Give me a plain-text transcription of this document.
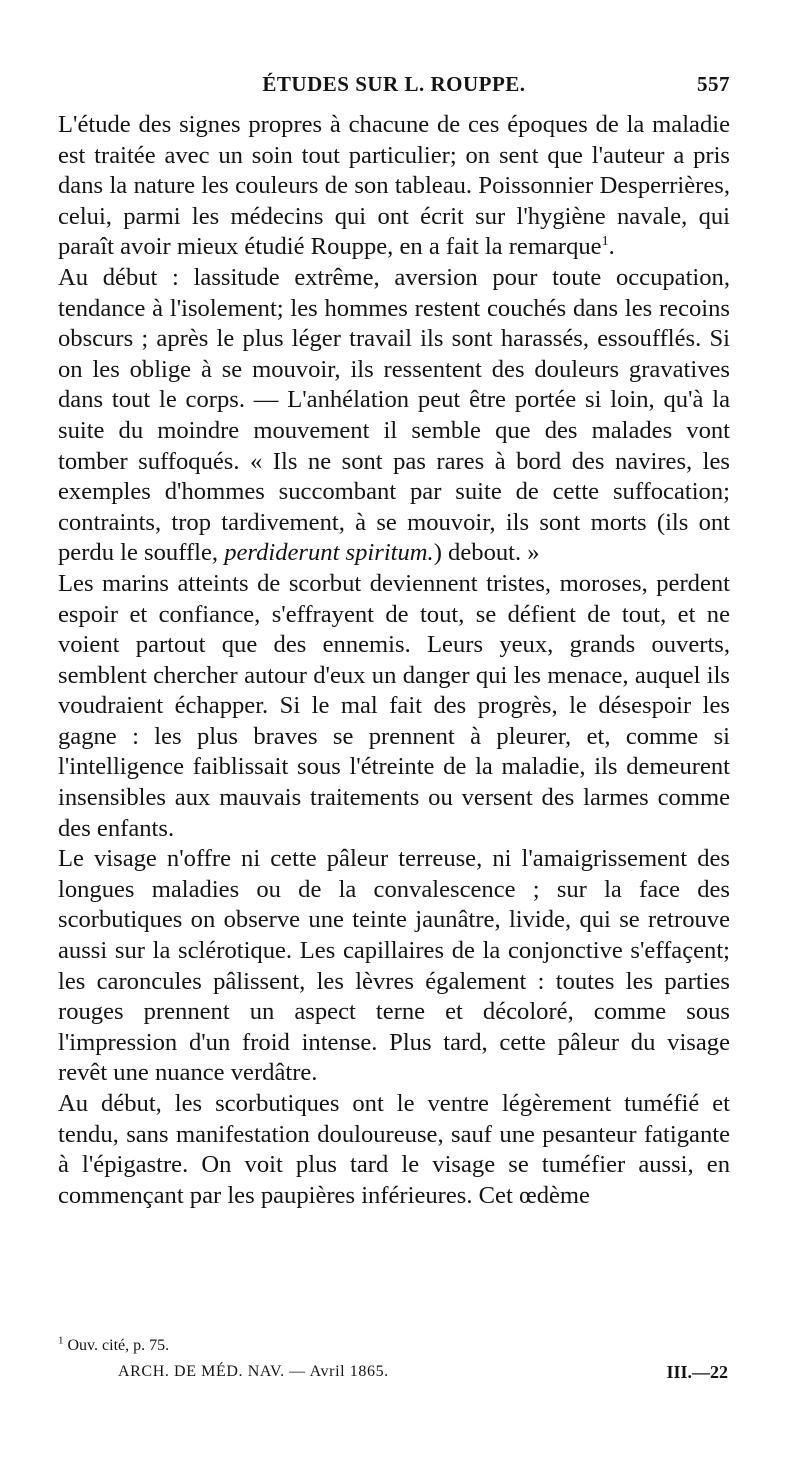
ÉTUDES SUR L. ROUPPE.	557

L'étude des signes propres à chacune de ces époques de la maladie est traitée avec un soin tout particulier; on sent que l'auteur a pris dans la nature les couleurs de son tableau. Poissonnier Desperrières, celui, parmi les médecins qui ont écrit sur l'hygiène navale, qui paraît avoir mieux étudié Rouppe, en a fait la remarque$^1$.

Au début : lassitude extrême, aversion pour toute occupation, tendance à l'isolement; les hommes restent couchés dans les recoins obscurs ; après le plus léger travail ils sont harassés, essoufflés. Si on les oblige à se mouvoir, ils ressentent des douleurs gravatives dans tout le corps. — L'anhélation peut être portée si loin, qu'à la suite du moindre mouvement il semble que des malades vont tomber suffoqués. « Ils ne sont pas rares à bord des navires, les exemples d'hommes succombant par suite de cette suffocation; contraints, trop tardivement, à se mouvoir, ils sont morts (ils ont perdu le souffle, perdiderunt spiritum.) debout. »

Les marins atteints de scorbut deviennent tristes, moroses, perdent espoir et confiance, s'effrayent de tout, se défient de tout, et ne voient partout que des ennemis. Leurs yeux, grands ouverts, semblent chercher autour d'eux un danger qui les menace, auquel ils voudraient échapper. Si le mal fait des progrès, le désespoir les gagne : les plus braves se prennent à pleurer, et, comme si l'intelligence faiblissait sous l'étreinte de la maladie, ils demeurent insensibles aux mauvais traitements ou versent des larmes comme des enfants.

Le visage n'offre ni cette pâleur terreuse, ni l'amaigrissement des longues maladies ou de la convalescence ; sur la face des scorbutiques on observe une teinte jaunâtre, livide, qui se retrouve aussi sur la sclérotique. Les capillaires de la conjonctive s'effaçent; les caroncules pâlissent, les lèvres également : toutes les parties rouges prennent un aspect terne et décoloré, comme sous l'impression d'un froid intense. Plus tard, cette pâleur du visage revêt une nuance verdâtre.

Au début, les scorbutiques ont le ventre légèrement tuméfié et tendu, sans manifestation douloureuse, sauf une pesanteur fatigante à l'épigastre. On voit plus tard le visage se tuméfier aussi, en commençant par les paupières inférieures. Cet œdème

$^1$ Ouv. cité, p. 75.
ARCH. DE MÉD. NAV. — Avril 1865.	III.—22
